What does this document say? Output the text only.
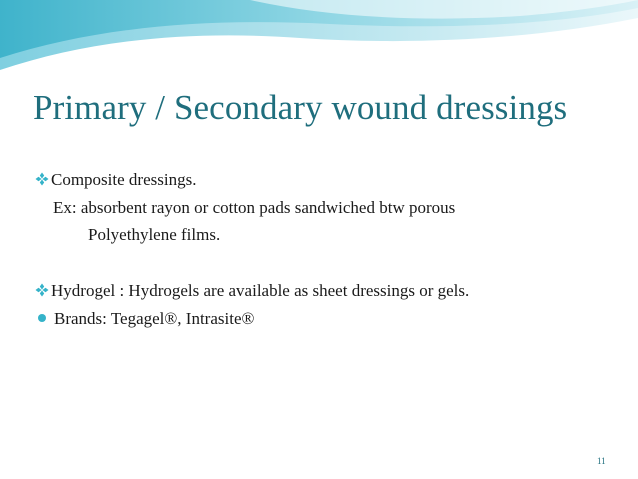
Primary / Secondary wound dressings
Composite dressings.
Ex: absorbent rayon or cotton pads sandwiched btw porous
Polyethylene films.
Hydrogel : Hydrogels are available as sheet dressings or gels.
Brands: Tegagel®, Intrasite®
11
